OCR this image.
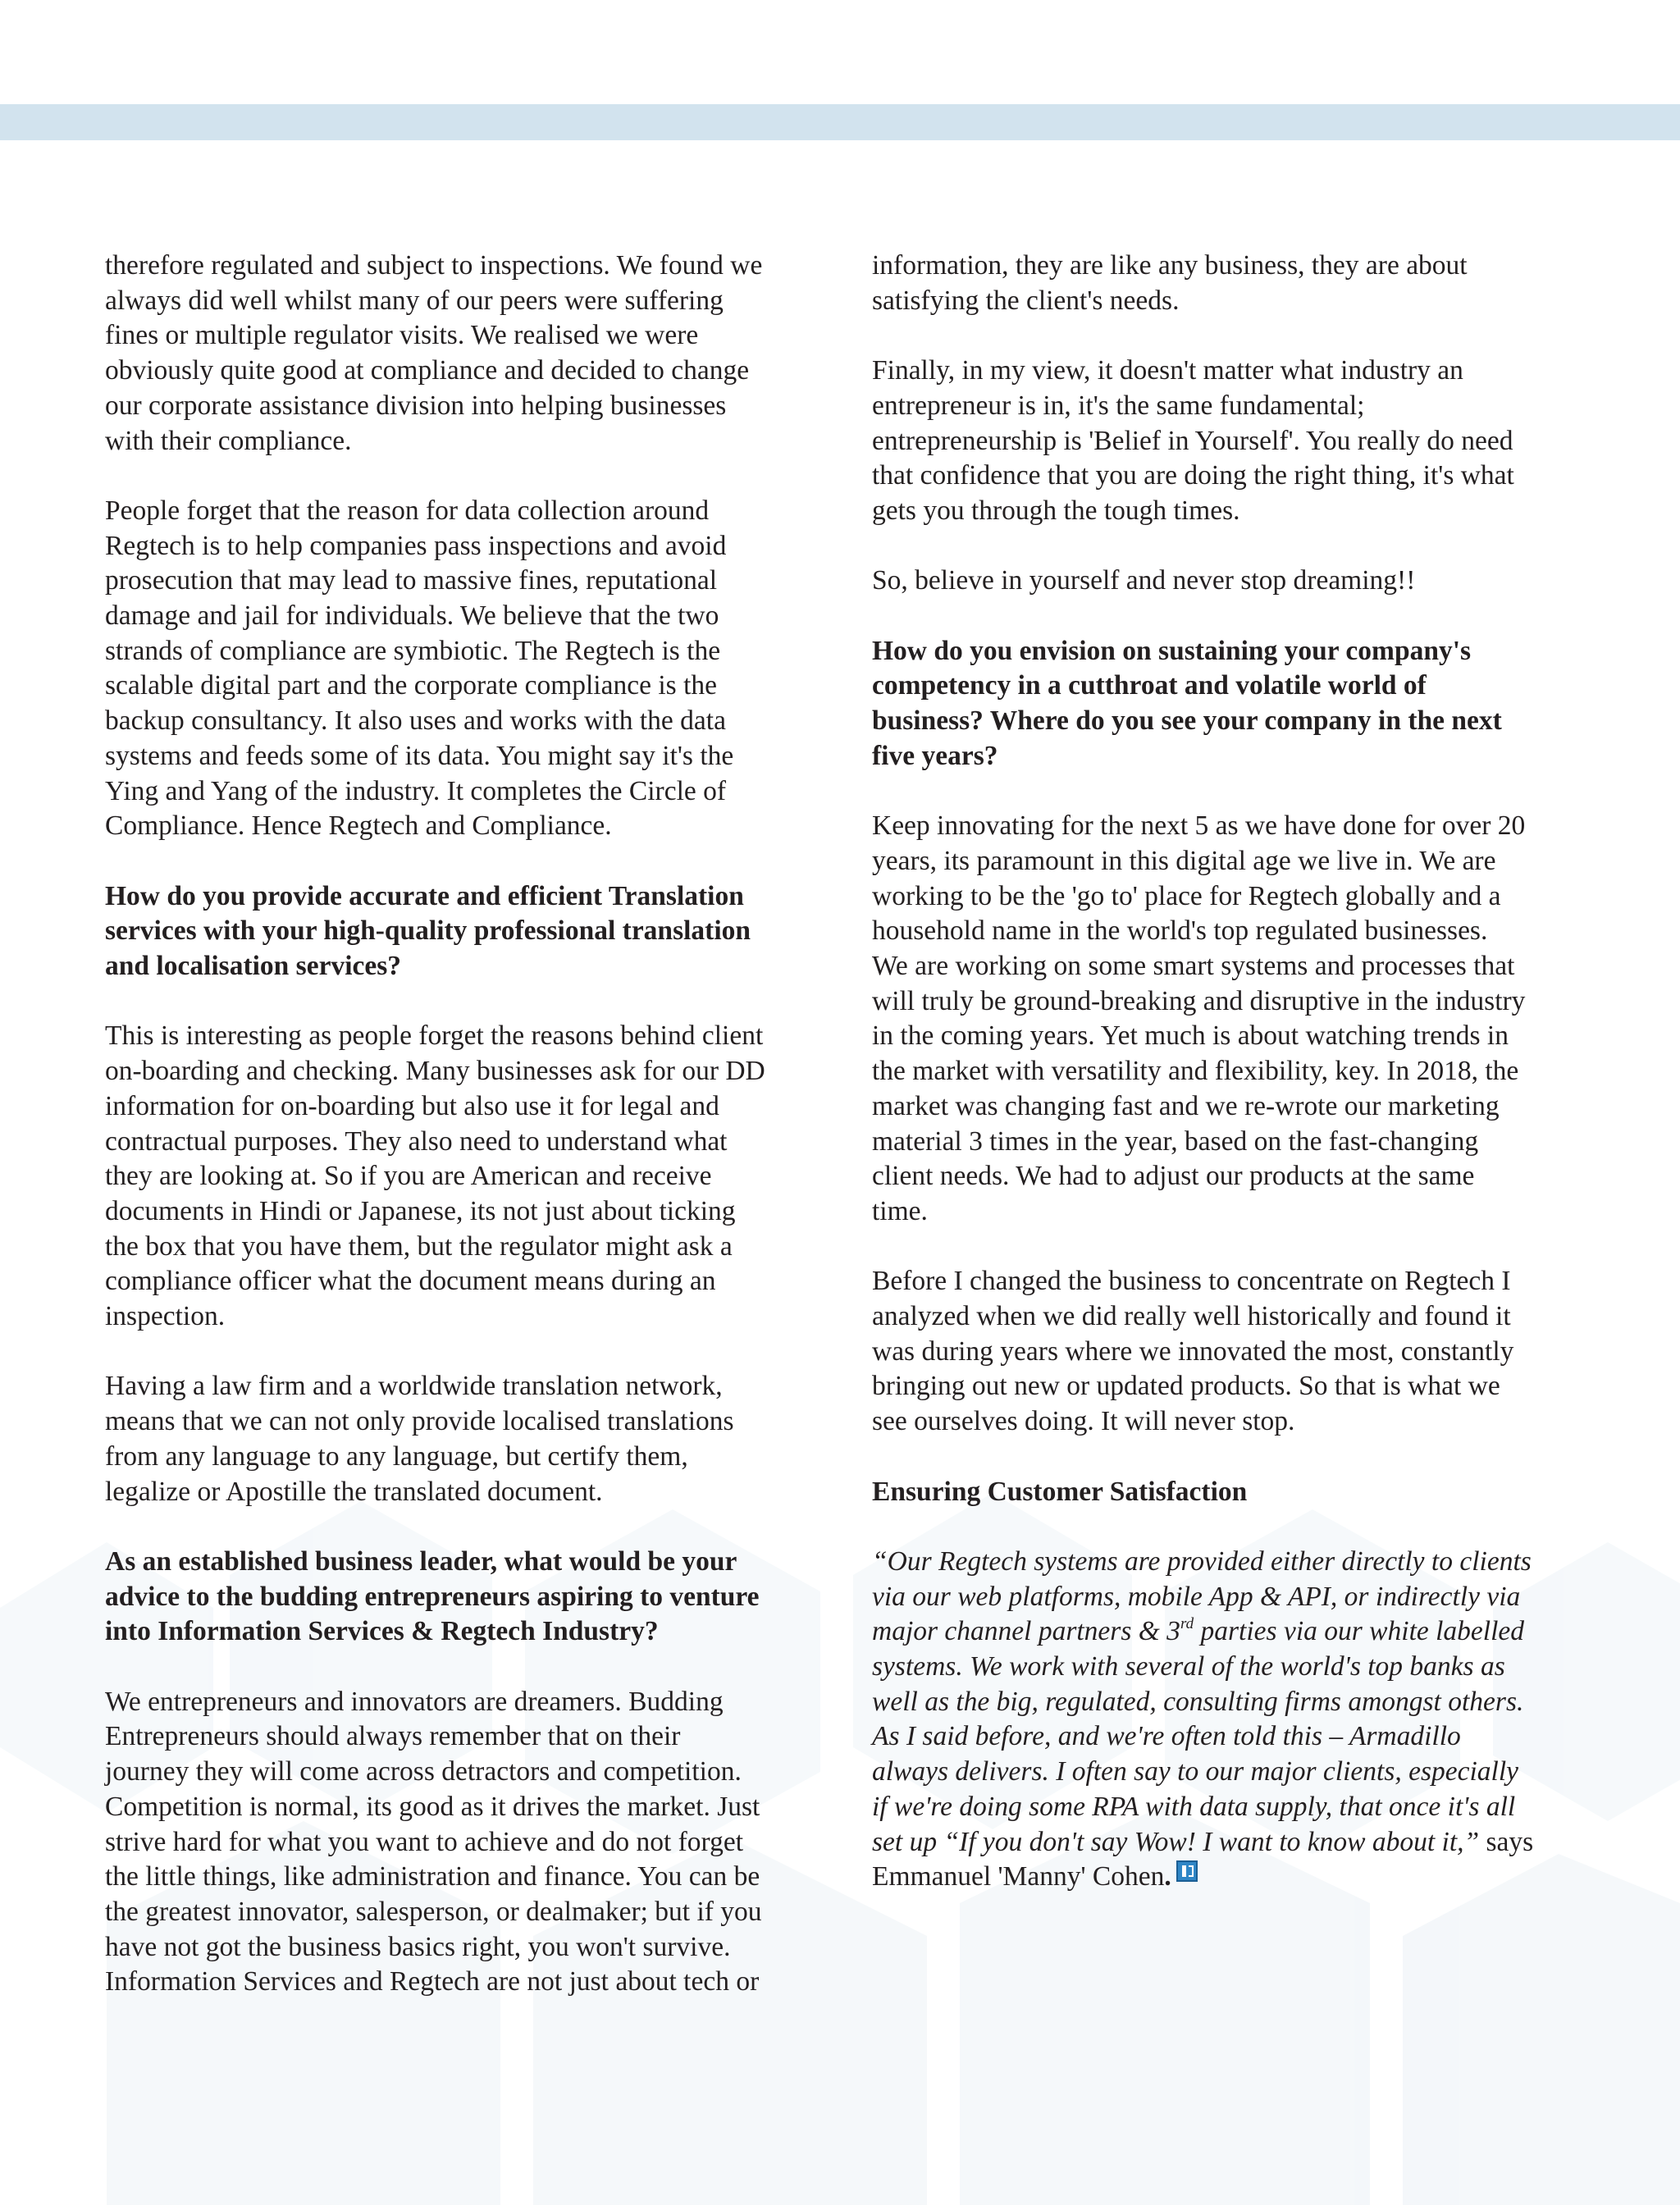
therefore regulated and subject to inspections. We found we
always did well whilst many of our peers were suffering
fines or multiple regulator visits. We realised we were
obviously quite good at compliance and decided to change
our corporate assistance division into helping businesses
with their compliance.

People forget that the reason for data collection around
Regtech is to help companies pass inspections and avoid
prosecution that may lead to massive fines, reputational
damage and jail for individuals. We believe that the two
strands of compliance are symbiotic. The Regtech is the
scalable digital part and the corporate compliance is the
backup consultancy. It also uses and works with the data
systems and feeds some of its data. You might say it's the
Ying and Yang of the industry. It completes the Circle of
Compliance. Hence Regtech and Compliance.

How do you provide accurate and efficient Translation
services with your high-quality professional translation
and localisation services?

This is interesting as people forget the reasons behind client
on-boarding and checking. Many businesses ask for our DD
information for on-boarding but also use it for legal and
contractual purposes. They also need to understand what
they are looking at. So if you are American and receive
documents in Hindi or Japanese, its not just about ticking
the box that you have them, but the regulator might ask a
compliance officer what the document means during an
inspection.

Having a law firm and a worldwide translation network,
means that we can not only provide localised translations
from any language to any language, but certify them,
legalize or Apostille the translated document.

As an established business leader, what would be your
advice to the budding entrepreneurs aspiring to venture
into Information Services & Regtech Industry?

We entrepreneurs and innovators are dreamers. Budding
Entrepreneurs should always remember that on their
journey they will come across detractors and competition.
Competition is normal, its good as it drives the market. Just
strive hard for what you want to achieve and do not forget
the little things, like administration and finance. You can be
the greatest innovator, salesperson, or dealmaker; but if you
have not got the business basics right, you won't survive.
Information Services and Regtech are not just about tech or

information, they are like any business, they are about
satisfying the client's needs.

Finally, in my view, it doesn't matter what industry an
entrepreneur is in, it's the same fundamental;
entrepreneurship is 'Belief in Yourself'. You really do need
that confidence that you are doing the right thing, it's what
gets you through the tough times.

So, believe in yourself and never stop dreaming!!

How do you envision on sustaining your company's
competency in a cutthroat and volatile world of
business? Where do you see your company in the next
five years?

Keep innovating for the next 5 as we have done for over 20
years, its paramount in this digital age we live in. We are
working to be the 'go to' place for Regtech globally and a
household name in the world's top regulated businesses.
We are working on some smart systems and processes that
will truly be ground-breaking and disruptive in the industry
in the coming years. Yet much is about watching trends in
the market with versatility and flexibility, key. In 2018, the
market was changing fast and we re-wrote our marketing
material 3 times in the year, based on the fast-changing
client needs. We had to adjust our products at the same
time.

Before I changed the business to concentrate on Regtech I
analyzed when we did really well historically and found it
was during years where we innovated the most, constantly
bringing out new or updated products. So that is what we
see ourselves doing. It will never stop.

Ensuring Customer Satisfaction

“Our Regtech systems are provided either directly to clients
via our web platforms, mobile App & API, or indirectly via
major channel partners & 3rd parties via our white labelled
systems. We work with several of the world's top banks as
well as the big, regulated, consulting firms amongst others.
As I said before, and we're often told this – Armadillo
always delivers. I often say to our major clients, especially
if we're doing some RPA with data supply, that once it's all
set up “If you don't say Wow! I want to know about it,” says
Emmanuel 'Manny' Cohen.
